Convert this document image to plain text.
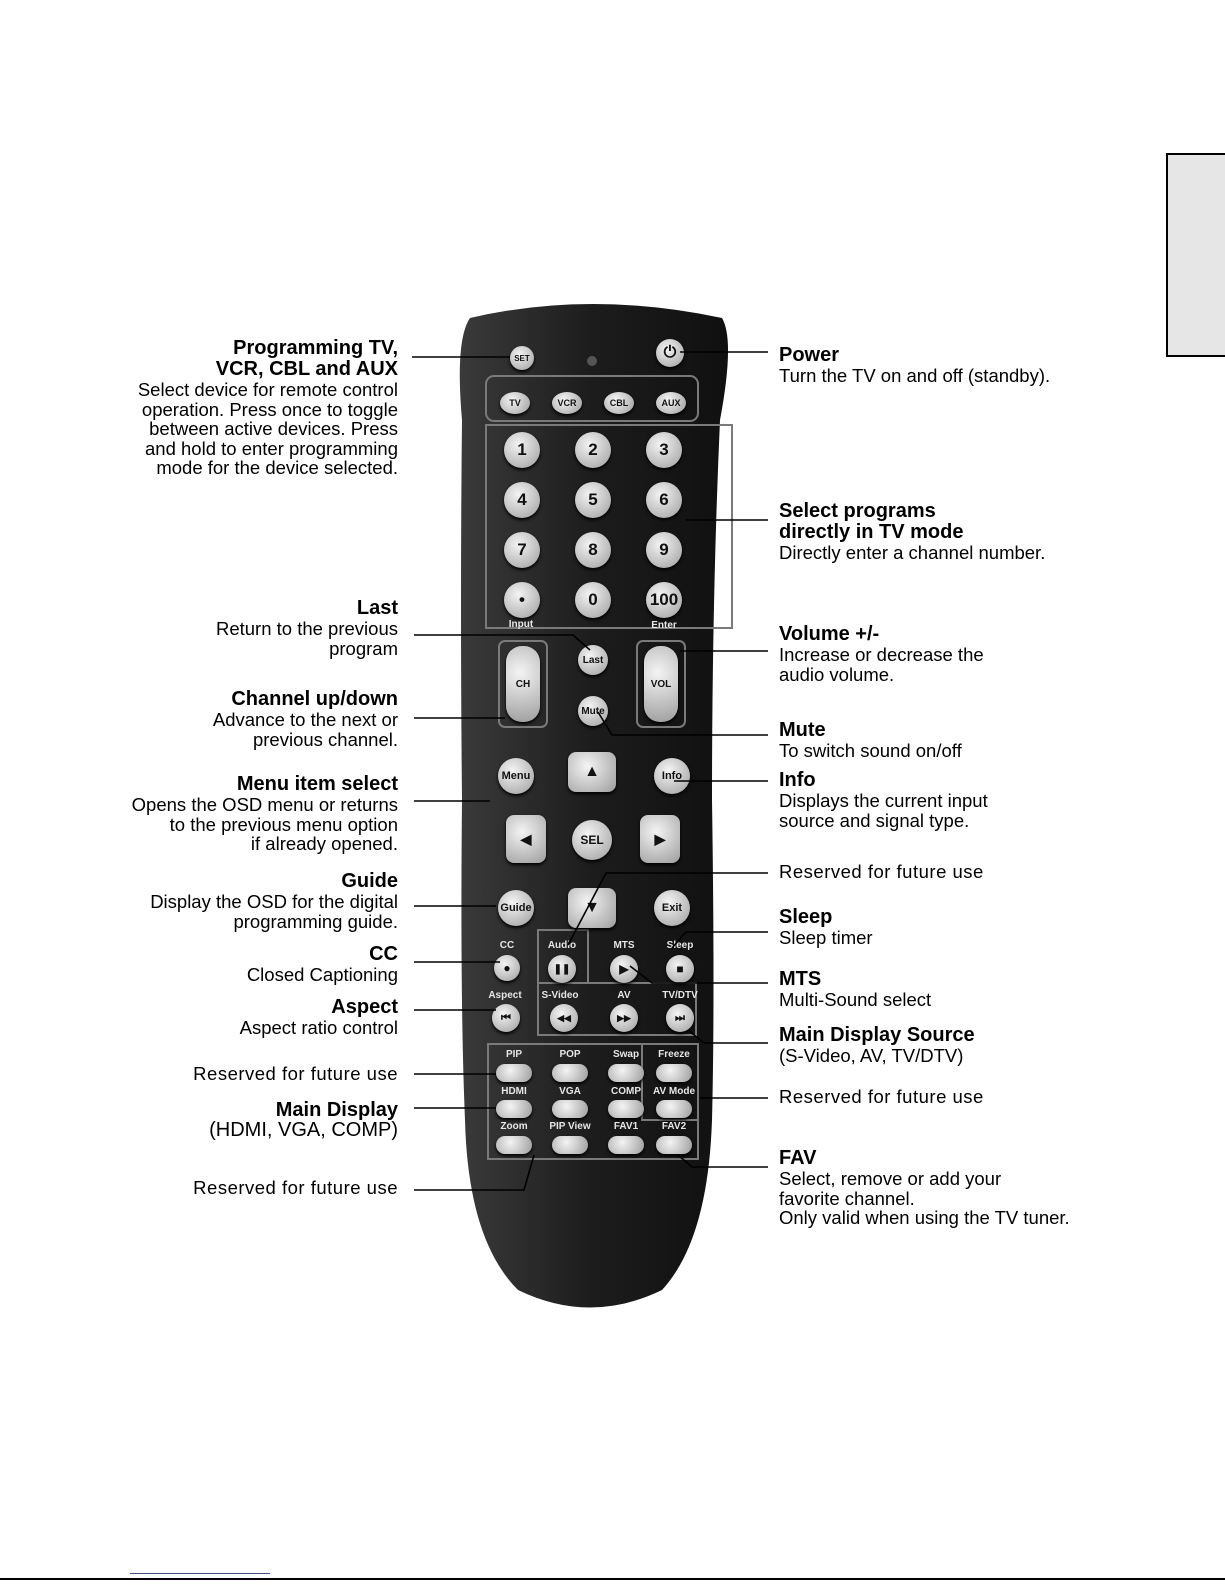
SET	⏻
TV	VCR	CBL	AUX
1	2	3
4	5	6
7	8	9
•	0	100
Input	Enter
Last
Mute
CH	VOL
Menu	Info
▲
◀	▶
SEL
▼
Guide	Exit
CC
●
Audio
❚❚
MTS
▶
Sleep
■
Aspect
⏮
S-Video
◀◀
AV
▶▶
TV/DTV
⏭
PIP	POP	Swap	Freeze
HDMI	VGA	COMP	AV Mode
Zoom	PIP View	FAV1	FAV2
Programming TV,
VCR, CBL and AUX
Select device for remote control
operation. Press once to toggle
between active devices. Press
and hold to enter programming
mode for the device selected.
Last
Return to the previous
program
Channel up/down
Advance to the next or
previous channel.
Menu item select
Opens the OSD menu or returns
to the previous menu option
if already opened.
Guide
Display the OSD for the digital
programming guide.
CC
Closed Captioning
Aspect
Aspect ratio control
Reserved for future use
Main Display
(HDMI, VGA, COMP)
Reserved for future use
Power
Turn the TV on and off (standby).
Select programs
directly in TV mode
Directly enter a channel number.
Volume +/-
Increase or decrease the
audio volume.
Mute
To switch sound on/off
Info
Displays the current input
source and signal type.
Reserved for future use
Sleep
Sleep timer
MTS
Multi-Sound select
Main Display Source
(S-Video, AV, TV/DTV)
Reserved for future use
FAV
Select, remove or add your
favorite channel.
Only valid when using the TV tuner.
